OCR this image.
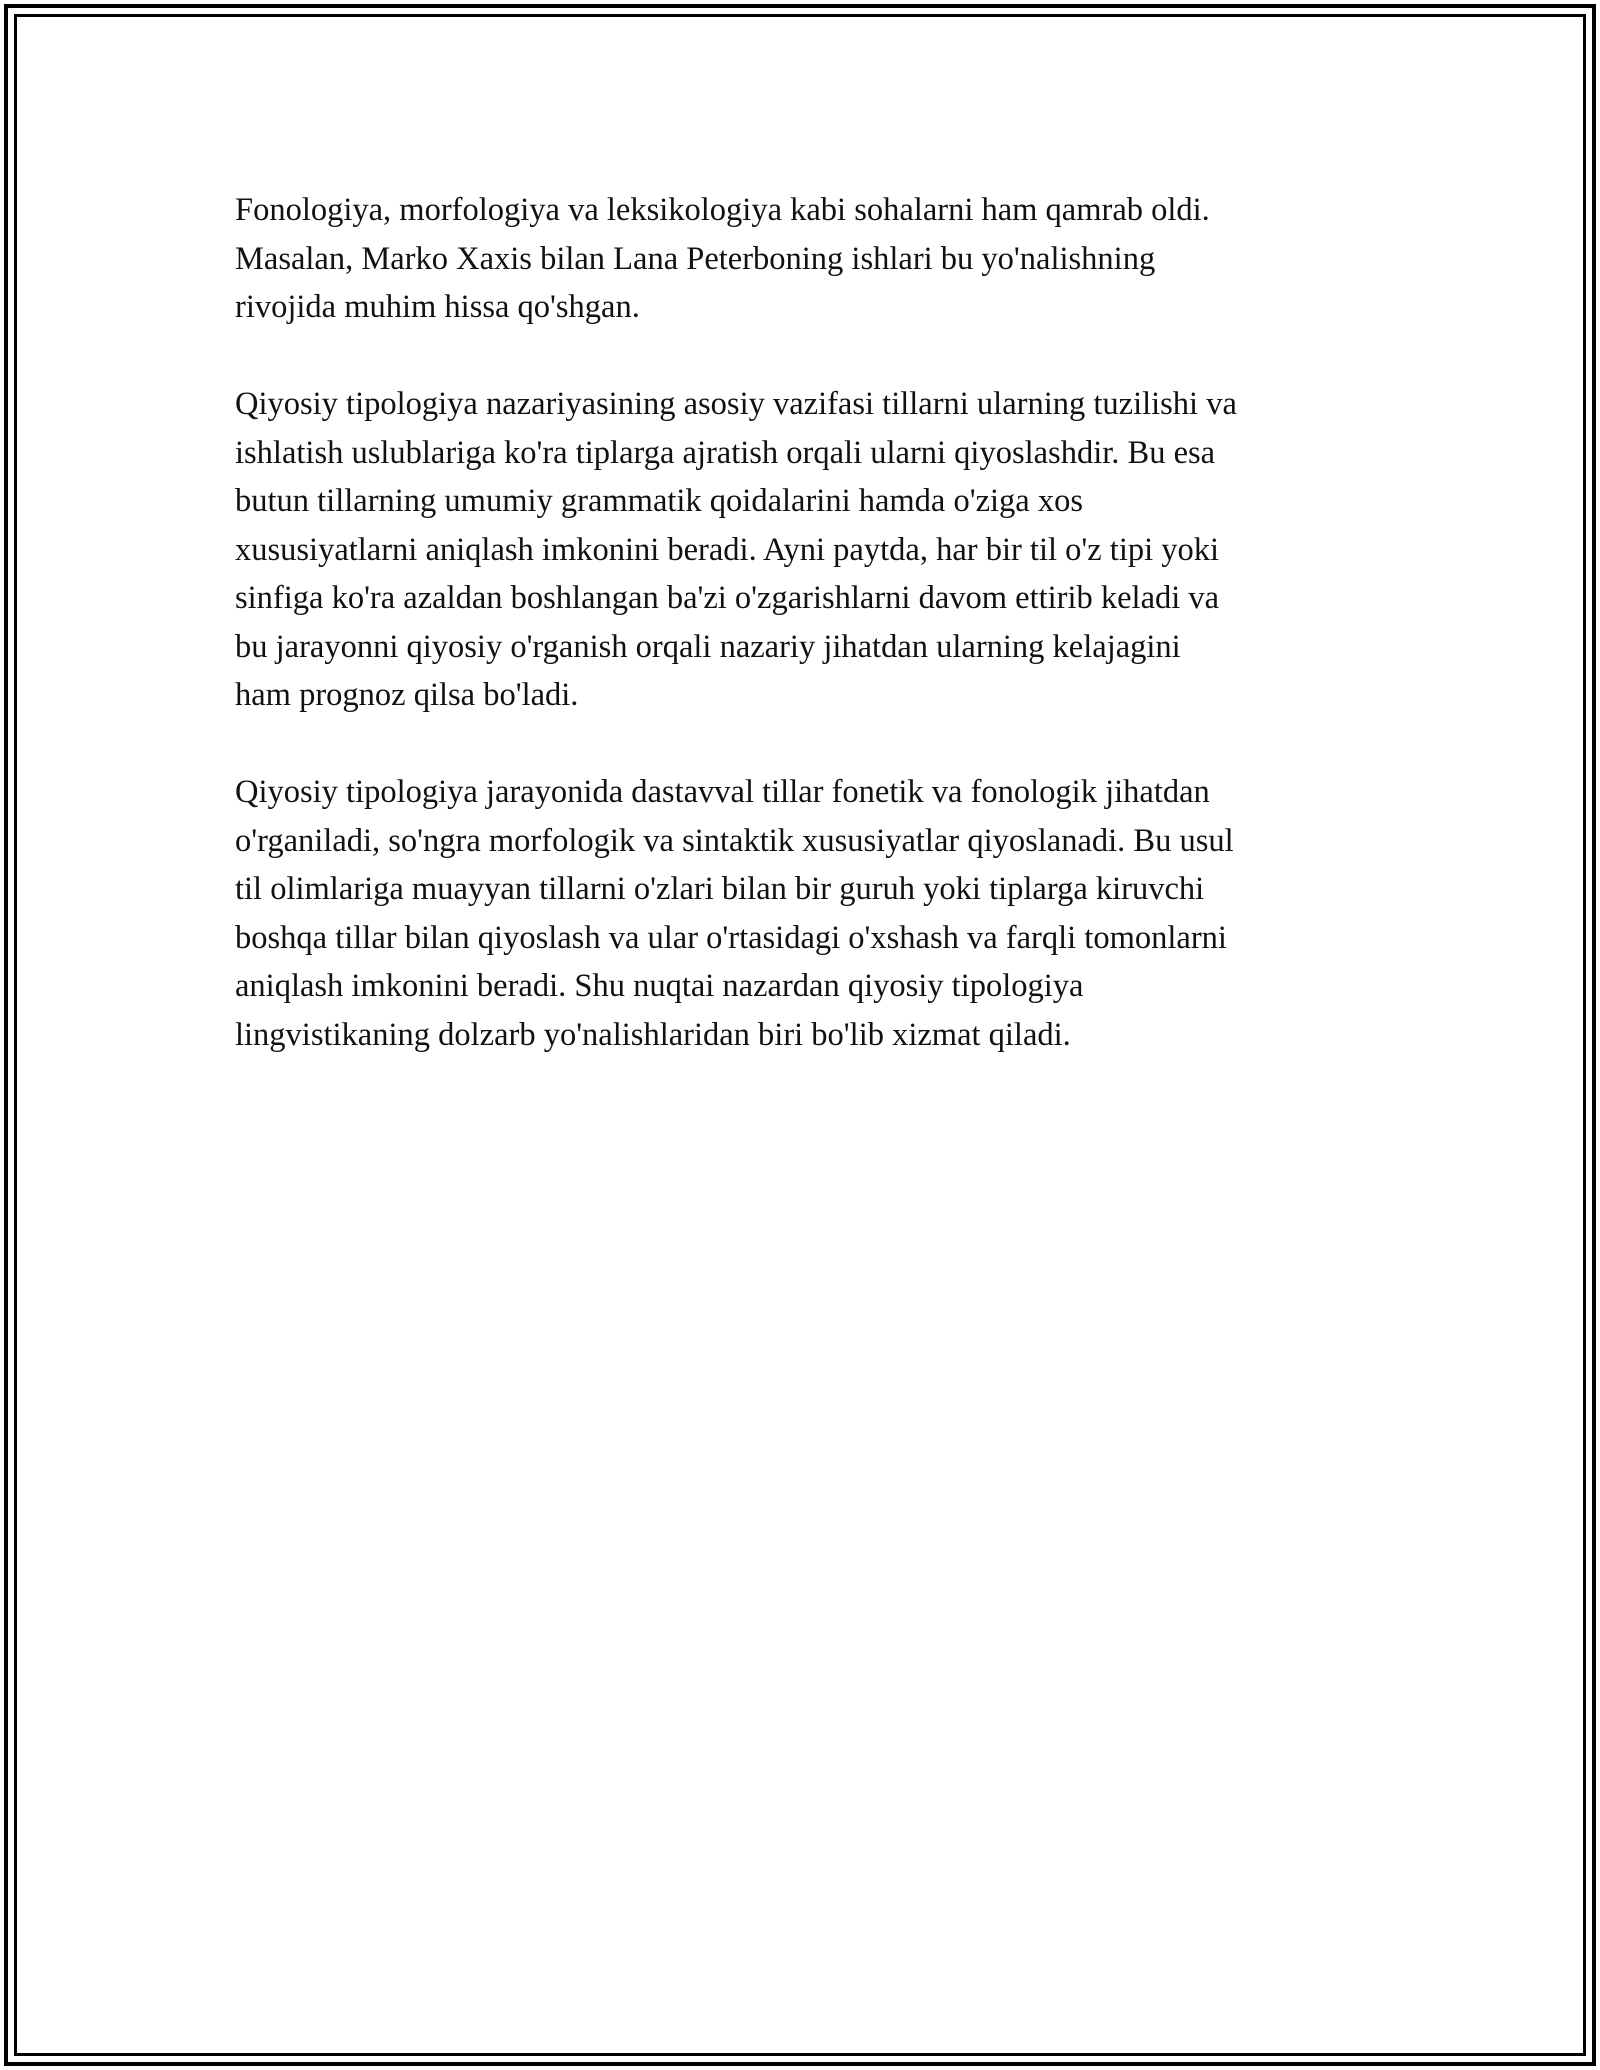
Fonologiya, morfologiya va leksikologiya kabi sohalarni ham qamrab oldi.
Masalan, Marko Xaxis bilan Lana Peterboning ishlari bu yo'nalishning
rivojida muhim hissa qo'shgan.

Qiyosiy tipologiya nazariyasining asosiy vazifasi tillarni ularning tuzilishi va
ishlatish uslublariga ko'ra tiplarga ajratish orqali ularni qiyoslashdir. Bu esa
butun tillarning umumiy grammatik qoidalarini hamda o'ziga xos
xususiyatlarni aniqlash imkonini beradi. Ayni paytda, har bir til o'z tipi yoki
sinfiga ko'ra azaldan boshlangan ba'zi o'zgarishlarni davom ettirib keladi va
bu jarayonni qiyosiy o'rganish orqali nazariy jihatdan ularning kelajagini
ham prognoz qilsa bo'ladi.

Qiyosiy tipologiya jarayonida dastavval tillar fonetik va fonologik jihatdan
o'rganiladi, so'ngra morfologik va sintaktik xususiyatlar qiyoslanadi. Bu usul
til olimlariga muayyan tillarni o'zlari bilan bir guruh yoki tiplarga kiruvchi
boshqa tillar bilan qiyoslash va ular o'rtasidagi o'xshash va farqli tomonlarni
aniqlash imkonini beradi. Shu nuqtai nazardan qiyosiy tipologiya
lingvistikaning dolzarb yo'nalishlaridan biri bo'lib xizmat qiladi.
